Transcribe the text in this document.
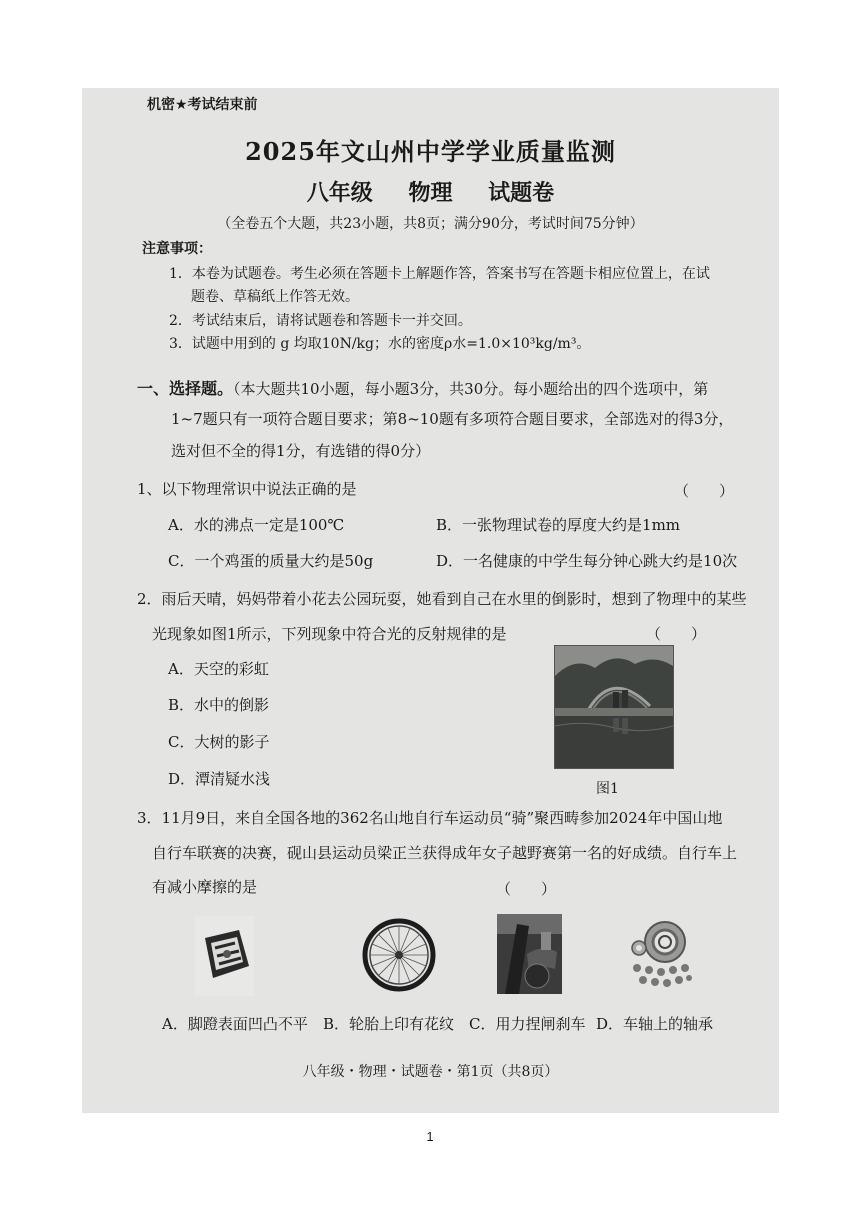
机密★考试结束前
2025年文山州中学学业质量监测
八年级 物理 试题卷
（全卷五个大题，共23小题，共8页；满分90分，考试时间75分钟）
注意事项：
1．本卷为试题卷。考生必须在答题卡上解题作答，答案书写在答题卡相应位置上，在试
题卷、草稿纸上作答无效。
2．考试结束后，请将试题卷和答题卡一并交回。
3．试题中用到的 g 均取10N/kg；水的密度ρ水=1.0×10³kg/m³。
一、选择题。（本大题共10小题，每小题3分，共30分。每小题给出的四个选项中，第
1~7题只有一项符合题目要求；第8~10题有多项符合题目要求，全部选对的得3分，
选对但不全的得1分，有选错的得0分）
1、以下物理常识中说法正确的是	（　　）
A．水的沸点一定是100℃	B．一张物理试卷的厚度大约是1mm
C．一个鸡蛋的质量大约是50g	D．一名健康的中学生每分钟心跳大约是10次
2．雨后天晴，妈妈带着小花去公园玩耍，她看到自己在水里的倒影时，想到了物理中的某些
光现象如图1所示，下列现象中符合光的反射规律的是	（　　）
A．天空的彩虹
B．水中的倒影
C．大树的影子
D．潭清疑水浅
图1
3．11月9日，来自全国各地的362名山地自行车运动员“骑”聚西畴参加2024年中国山地
自行车联赛的决赛，砚山县运动员梁正兰获得成年女子越野赛第一名的好成绩。自行车上
有减小摩擦的是	（　　）
A．脚蹬表面凹凸不平 B．轮胎上印有花纹 C．用力捏闸刹车 D．车轴上的轴承
八年级・物理・试题卷・第1页（共8页）
1
